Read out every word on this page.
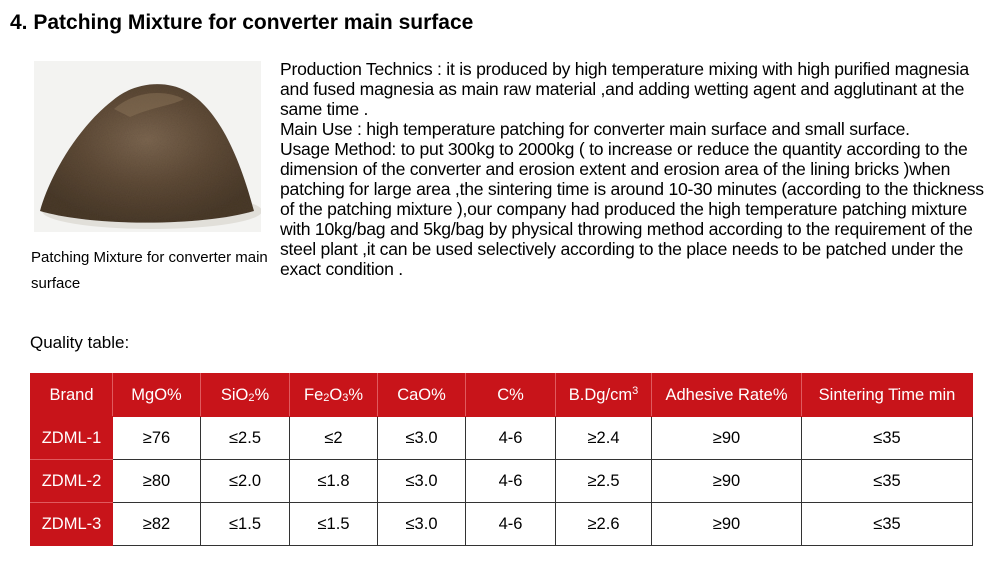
4. Patching Mixture for converter main surface
Patching Mixture for converter main surface

Production Technics : it is produced by high temperature mixing with high purified magnesia and fused magnesia as main raw material ,and adding wetting agent and agglutinant at the same time .

Main Use : high temperature patching for converter main surface and small surface.

Usage Method: to put 300kg to 2000kg ( to increase or reduce the quantity according to the dimension of the converter and erosion extent and erosion area of the lining bricks )when patching for large area ,the sintering time is around 10-30 minutes (according to the thickness of the patching mixture ),our company had produced the high temperature patching mixture with 10kg/bag and 5kg/bag by physical throwing method according to the requirement of the steel plant ,it can be used selectively according to the place needs to be patched under the exact condition .

Quality table:
Brand	MgO%	SiO$_2$%	$Fe_2O_3\%$	CaO%	C%	$B.Dg/cm^3$	Adhesive Rate%	Sintering Time min
ZDML-1	≥76	≤2.5	≤2	≤3.0	4-6	≥2.4	≥90	≤35
ZDML-2	≥80	≤2.0	≤1.8	≤3.0	4-6	≥2.5	≥90	≤35
ZDML-3	≥82	≤1.5	≤1.5	≤3.0	4-6	≥2.6	≥90	≤35
